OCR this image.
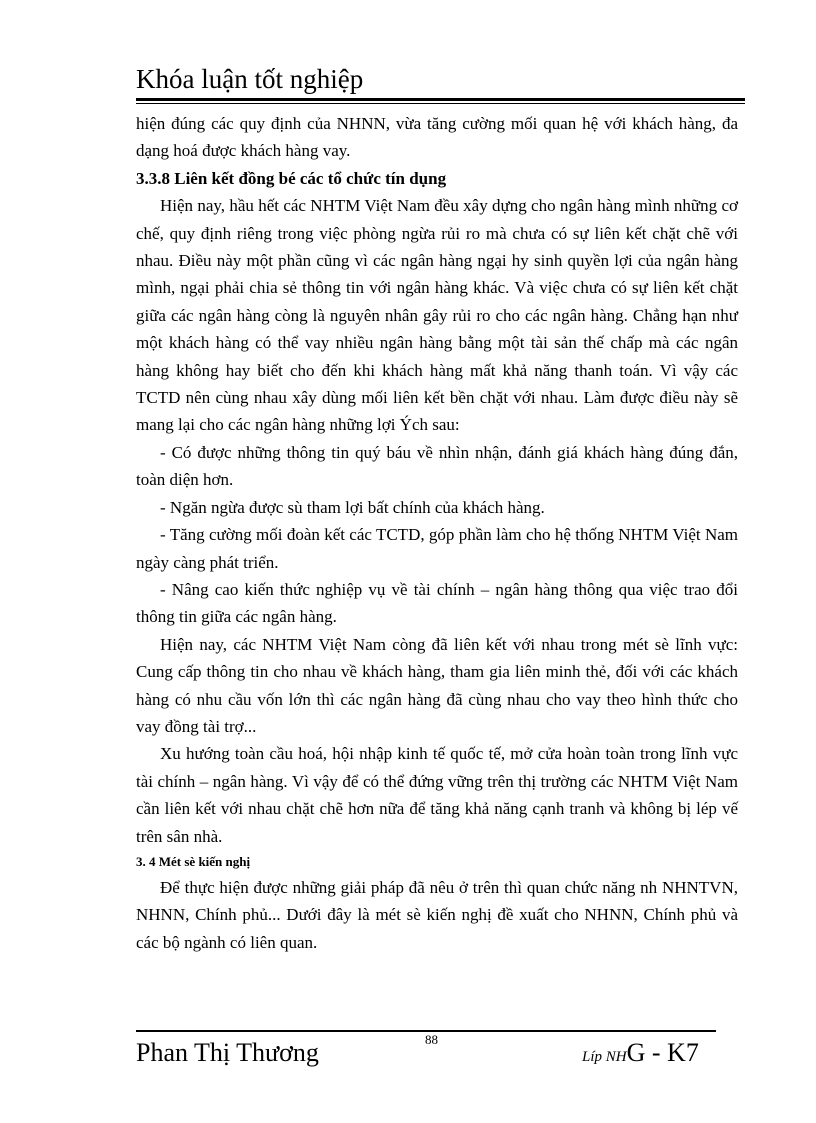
Khóa luận tốt nghiệp

hiện đúng các quy định của NHNN, vừa tăng cường mối quan hệ với khách hàng, đa dạng hoá được khách hàng vay.

3.3.8 Liên kết đồng bé các tổ chức tín dụng

Hiện nay, hầu hết các NHTM Việt Nam đều xây dựng cho ngân hàng mình những cơ chế, quy định riêng trong việc phòng ngừa rủi ro mà chưa có sự liên kết chặt chẽ với nhau. Điều này một phần cũng vì các ngân hàng ngại hy sinh quyền lợi của ngân hàng mình, ngại phải chia sẻ thông tin với ngân hàng khác. Và việc chưa có sự liên kết chặt giữa các ngân hàng còng là nguyên nhân gây rủi ro cho các ngân hàng. Chẳng hạn như một khách hàng có thể vay nhiều ngân hàng bằng một tài sản thế chấp mà các ngân hàng không hay biết cho đến khi khách hàng mất khả năng thanh toán. Vì vậy các TCTD nên cùng nhau xây dùng mối liên kết bền chặt với nhau. Làm được điều này sẽ mang lại cho các ngân hàng những lợi Ých sau:

- Có được những thông tin quý báu về nhìn nhận, đánh giá khách hàng đúng đắn, toàn diện hơn.

- Ngăn ngừa được sù tham lợi bất chính của khách hàng.

- Tăng cường mối đoàn kết các TCTD, góp phần làm cho hệ thống NHTM Việt Nam ngày càng phát triển.

- Nâng cao kiến thức nghiệp vụ về tài chính – ngân hàng thông qua việc trao đổi thông tin giữa các ngân hàng.

Hiện nay, các NHTM Việt Nam còng đã liên kết với nhau trong mét sè lĩnh vực: Cung cấp thông tin cho nhau về khách hàng, tham gia liên minh thẻ, đối với các khách hàng có nhu cầu vốn lớn thì các ngân hàng đã cùng nhau cho vay theo hình thức cho vay đồng tài trợ...

Xu hướng toàn cầu hoá, hội nhập kinh tế quốc tế, mở cửa hoàn toàn trong lĩnh vực tài chính – ngân hàng. Vì vậy để có thể đứng vững trên thị trường các NHTM Việt Nam cần liên kết với nhau chặt chẽ hơn nữa để tăng khả năng cạnh tranh và không bị lép vế trên sân nhà.

3. 4 Mét sè kiến nghị

Để thực hiện được những giải pháp đã nêu ở trên thì quan chức năng nh NHNTVN, NHNN, Chính phủ... Dưới đây là mét sè kiến nghị đề xuất cho NHNN, Chính phủ và các bộ ngành có liên quan.

Phan Thị Thương	88
Líp NHG - K7
